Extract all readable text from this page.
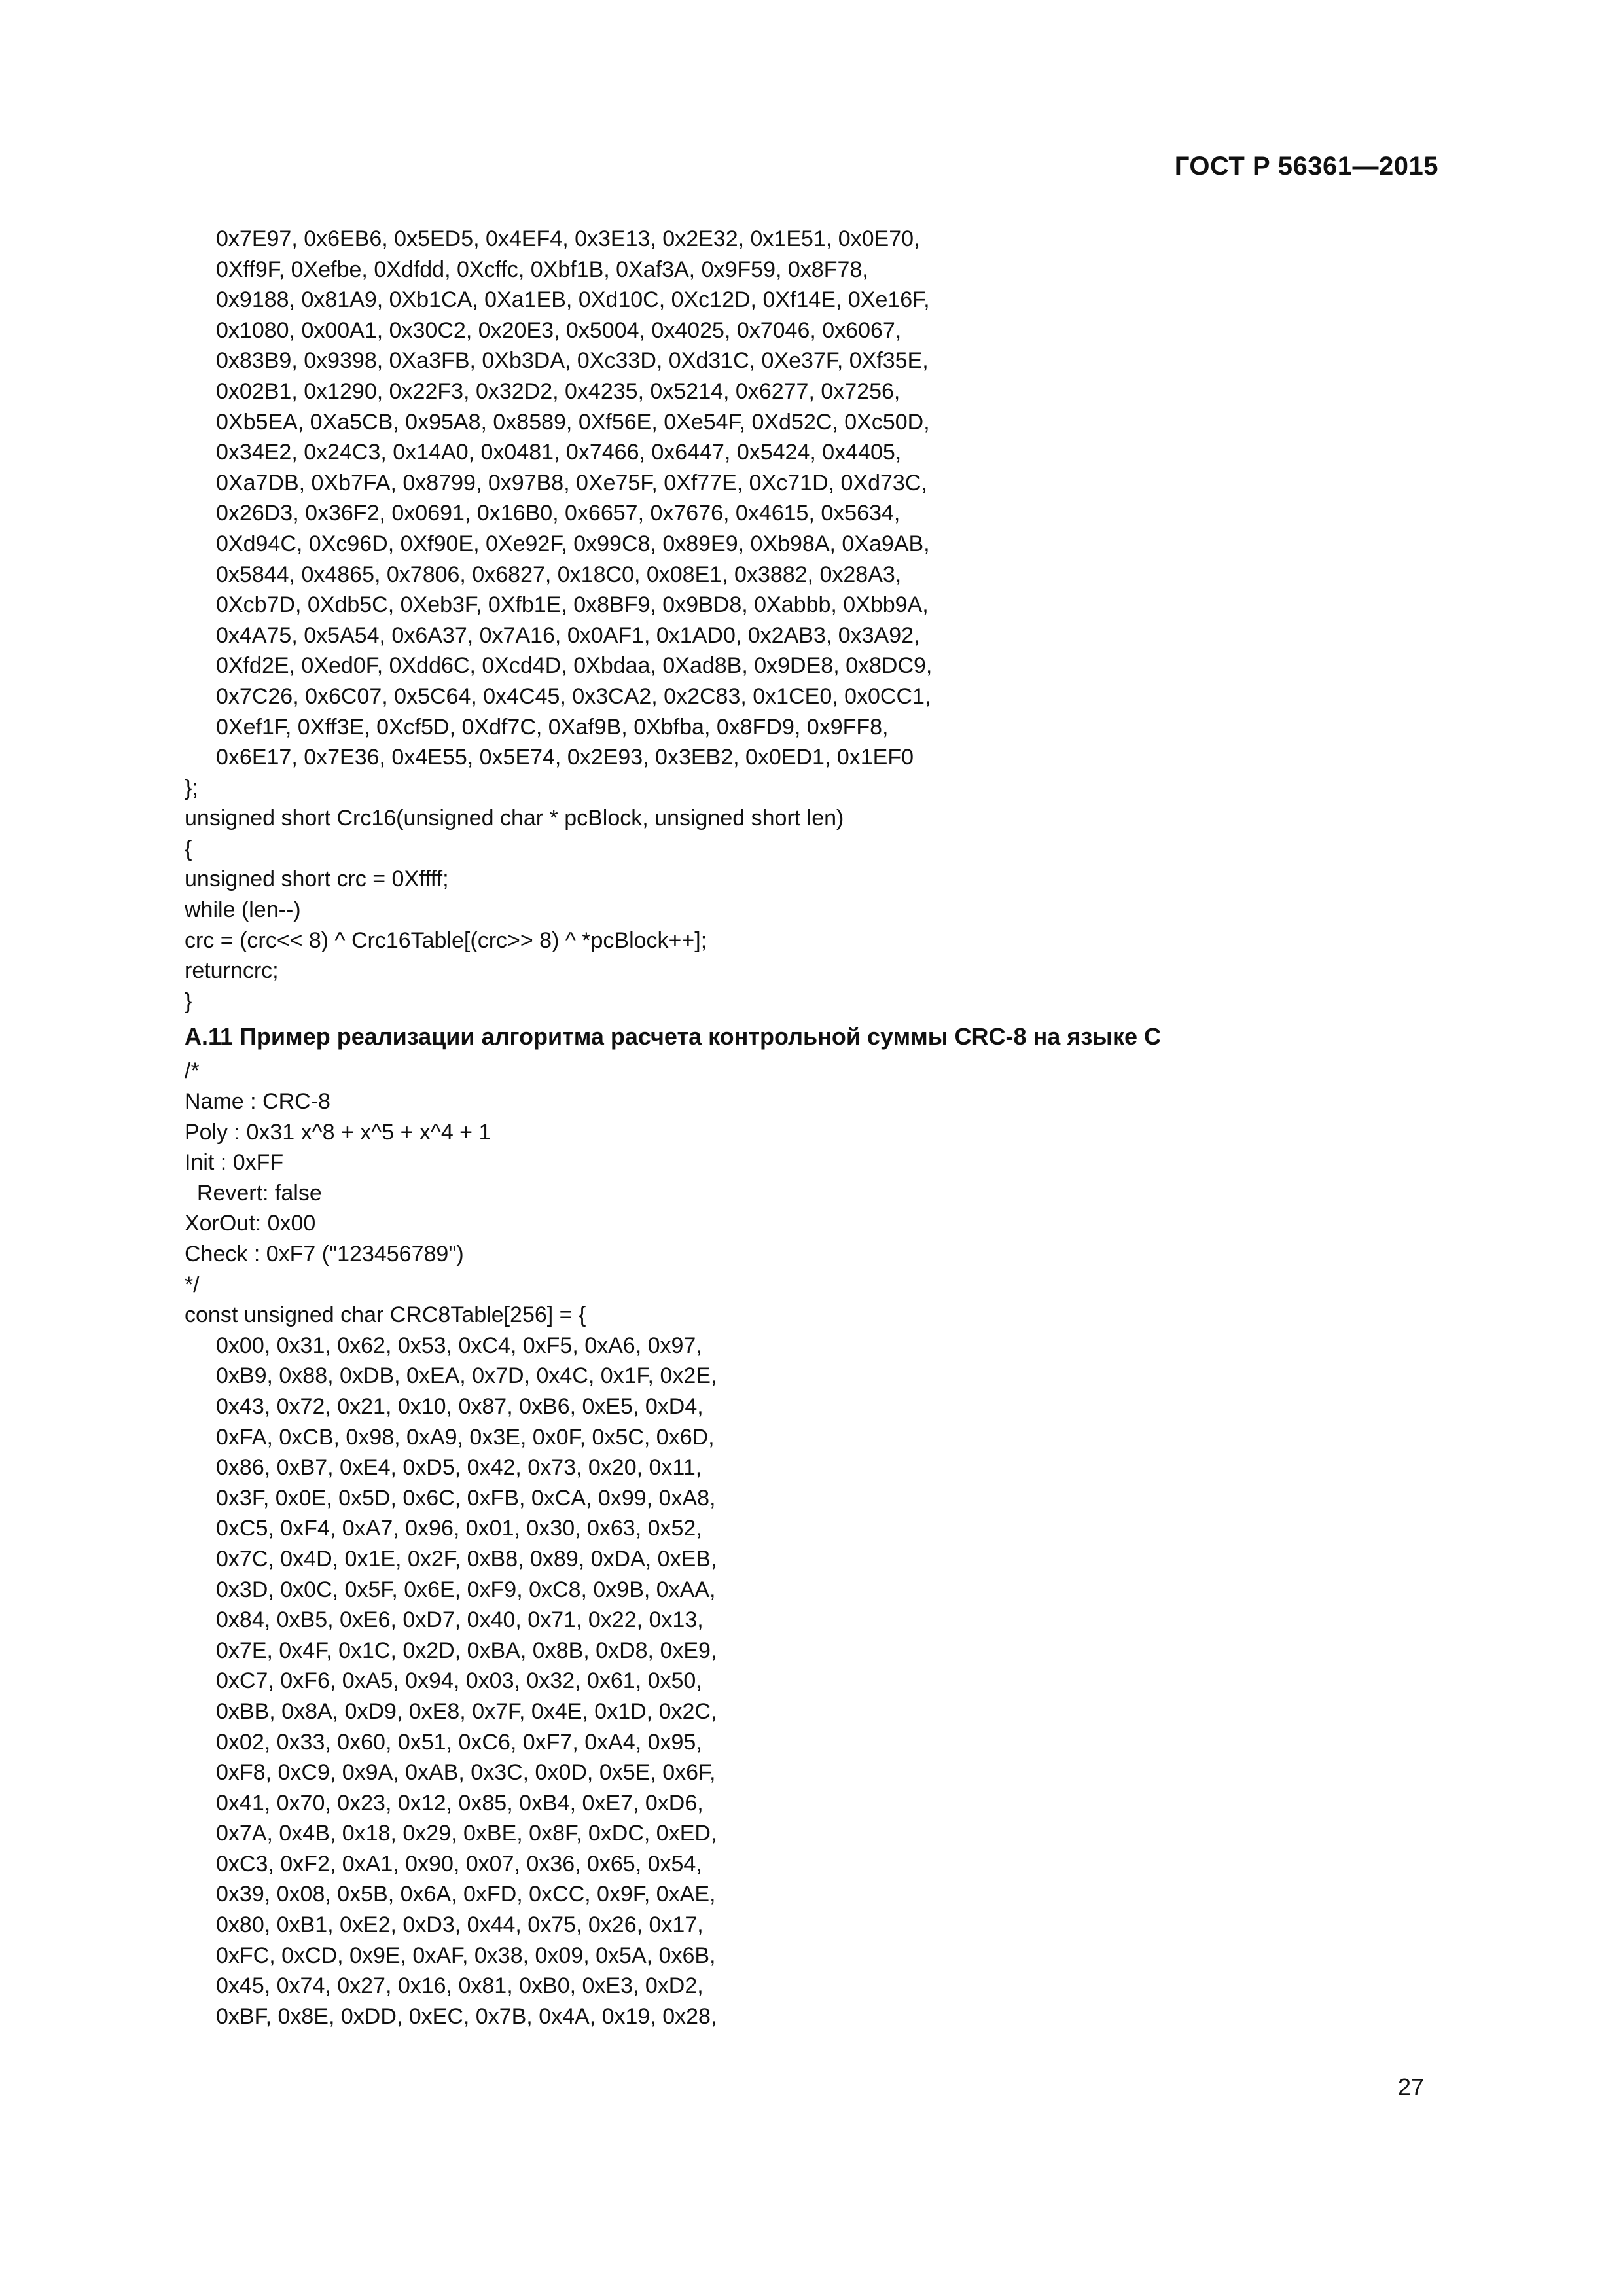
ГОСТ Р 56361—2015
0x7E97, 0x6EB6, 0x5ED5, 0x4EF4, 0x3E13, 0x2E32, 0x1E51, 0x0E70,
0Xff9F, 0Xefbe, 0Xdfdd, 0Xcffc, 0Xbf1B, 0Xaf3A, 0x9F59, 0x8F78,
0x9188, 0x81A9, 0Xb1CA, 0Xa1EB, 0Xd10C, 0Xc12D, 0Xf14E, 0Xe16F,
0x1080, 0x00A1, 0x30C2, 0x20E3, 0x5004, 0x4025, 0x7046, 0x6067,
0x83B9, 0x9398, 0Xa3FB, 0Xb3DA, 0Xc33D, 0Xd31C, 0Xe37F, 0Xf35E,
0x02B1, 0x1290, 0x22F3, 0x32D2, 0x4235, 0x5214, 0x6277, 0x7256,
0Xb5EA, 0Xa5CB, 0x95A8, 0x8589, 0Xf56E, 0Xe54F, 0Xd52C, 0Xc50D,
0x34E2, 0x24C3, 0x14A0, 0x0481, 0x7466, 0x6447, 0x5424, 0x4405,
0Xa7DB, 0Xb7FA, 0x8799, 0x97B8, 0Xe75F, 0Xf77E, 0Xc71D, 0Xd73C,
0x26D3, 0x36F2, 0x0691, 0x16B0, 0x6657, 0x7676, 0x4615, 0x5634,
0Xd94C, 0Xc96D, 0Xf90E, 0Xe92F, 0x99C8, 0x89E9, 0Xb98A, 0Xa9AB,
0x5844, 0x4865, 0x7806, 0x6827, 0x18C0, 0x08E1, 0x3882, 0x28A3,
0Xcb7D, 0Xdb5C, 0Xeb3F, 0Xfb1E, 0x8BF9, 0x9BD8, 0Xabbb, 0Xbb9A,
0x4A75, 0x5A54, 0x6A37, 0x7A16, 0x0AF1, 0x1AD0, 0x2AB3, 0x3A92,
0Xfd2E, 0Xed0F, 0Xdd6C, 0Xcd4D, 0Xbdaa, 0Xad8B, 0x9DE8, 0x8DC9,
0x7C26, 0x6C07, 0x5C64, 0x4C45, 0x3CA2, 0x2C83, 0x1CE0, 0x0CC1,
0Xef1F, 0Xff3E, 0Xcf5D, 0Xdf7C, 0Xaf9B, 0Xbfba, 0x8FD9, 0x9FF8,
0x6E17, 0x7E36, 0x4E55, 0x5E74, 0x2E93, 0x3EB2, 0x0ED1, 0x1EF0
};
unsigned short Crc16(unsigned char * pcBlock, unsigned short len)
{
unsigned short crc = 0Xffff;
while (len--)
crc = (crc<< 8) ^ Crc16Table[(crc>> 8) ^ *pcBlock++];
returncrc;
}
А.11 Пример реализации алгоритма расчета контрольной суммы CRC-8 на языке С
/*
Name : CRC-8
Poly : 0x31 x^8 + x^5 + x^4 + 1
Init : 0xFF
Revert: false
XorOut: 0x00
Check : 0xF7 ("123456789")
*/
const unsigned char CRC8Table[256] = {
0x00, 0x31, 0x62, 0x53, 0xC4, 0xF5, 0xA6, 0x97,
0xB9, 0x88, 0xDB, 0xEA, 0x7D, 0x4C, 0x1F, 0x2E,
0x43, 0x72, 0x21, 0x10, 0x87, 0xB6, 0xE5, 0xD4,
0xFA, 0xCB, 0x98, 0xA9, 0x3E, 0x0F, 0x5C, 0x6D,
0x86, 0xB7, 0xE4, 0xD5, 0x42, 0x73, 0x20, 0x11,
0x3F, 0x0E, 0x5D, 0x6C, 0xFB, 0xCA, 0x99, 0xA8,
0xC5, 0xF4, 0xA7, 0x96, 0x01, 0x30, 0x63, 0x52,
0x7C, 0x4D, 0x1E, 0x2F, 0xB8, 0x89, 0xDA, 0xEB,
0x3D, 0x0C, 0x5F, 0x6E, 0xF9, 0xC8, 0x9B, 0xAA,
0x84, 0xB5, 0xE6, 0xD7, 0x40, 0x71, 0x22, 0x13,
0x7E, 0x4F, 0x1C, 0x2D, 0xBA, 0x8B, 0xD8, 0xE9,
0xC7, 0xF6, 0xA5, 0x94, 0x03, 0x32, 0x61, 0x50,
0xBB, 0x8A, 0xD9, 0xE8, 0x7F, 0x4E, 0x1D, 0x2C,
0x02, 0x33, 0x60, 0x51, 0xC6, 0xF7, 0xA4, 0x95,
0xF8, 0xC9, 0x9A, 0xAB, 0x3C, 0x0D, 0x5E, 0x6F,
0x41, 0x70, 0x23, 0x12, 0x85, 0xB4, 0xE7, 0xD6,
0x7A, 0x4B, 0x18, 0x29, 0xBE, 0x8F, 0xDC, 0xED,
0xC3, 0xF2, 0xA1, 0x90, 0x07, 0x36, 0x65, 0x54,
0x39, 0x08, 0x5B, 0x6A, 0xFD, 0xCC, 0x9F, 0xAE,
0x80, 0xB1, 0xE2, 0xD3, 0x44, 0x75, 0x26, 0x17,
0xFC, 0xCD, 0x9E, 0xAF, 0x38, 0x09, 0x5A, 0x6B,
0x45, 0x74, 0x27, 0x16, 0x81, 0xB0, 0xE3, 0xD2,
0xBF, 0x8E, 0xDD, 0xEC, 0x7B, 0x4A, 0x19, 0x28,
27
